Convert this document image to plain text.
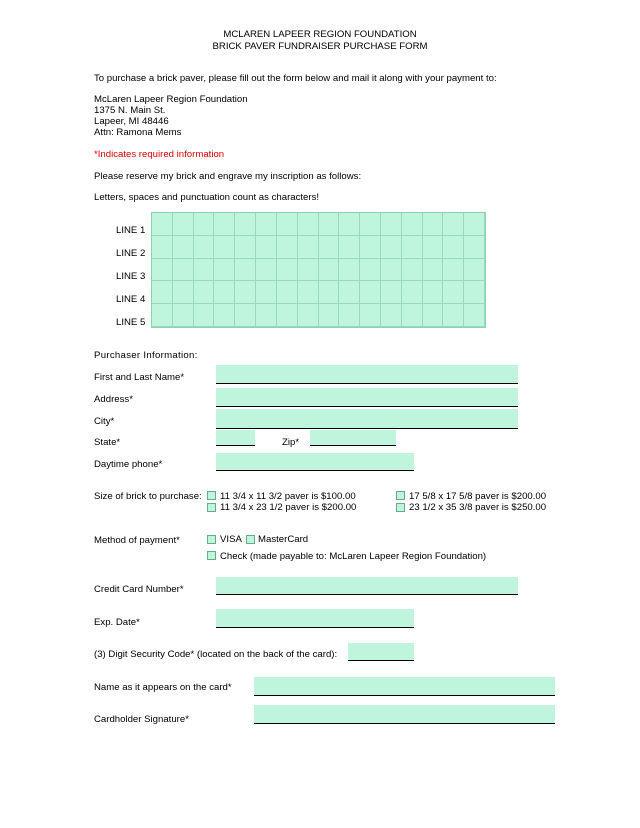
MCLAREN LAPEER REGION FOUNDATION
BRICK PAVER FUNDRAISER PURCHASE FORM
To purchase a brick paver, please fill out the form below and mail it along with your payment to:
McLaren Lapeer Region Foundation
1375 N. Main St.
Lapeer, MI 48446
Attn: Ramona Mems
*Indicates required information
Please reserve my brick and engrave my inscription as follows:
Letters, spaces and punctuation count as characters!
LINE 1
LINE 2
LINE 3
LINE 4
LINE 5
Purchaser Information:
First and Last Name*
Address*
City*
State*	Zip*
Daytime phone*
Size of brick to purchase: 11 3/4 x 11 3/2 paver is $100.00
11 3/4 x 23 1/2 paver is $200.00
17 5/8 x 17 5/8 paver is $200.00
23 1/2 x 35 3/8 paver is $250.00
Method of payment*	VISA MasterCard
Check (made payable to: McLaren Lapeer Region Foundation)
Credit Card Number*
Exp. Date*
(3) Digit Security Code* (located on the back of the card):
Name as it appears on the card*
Cardholder Signature*
